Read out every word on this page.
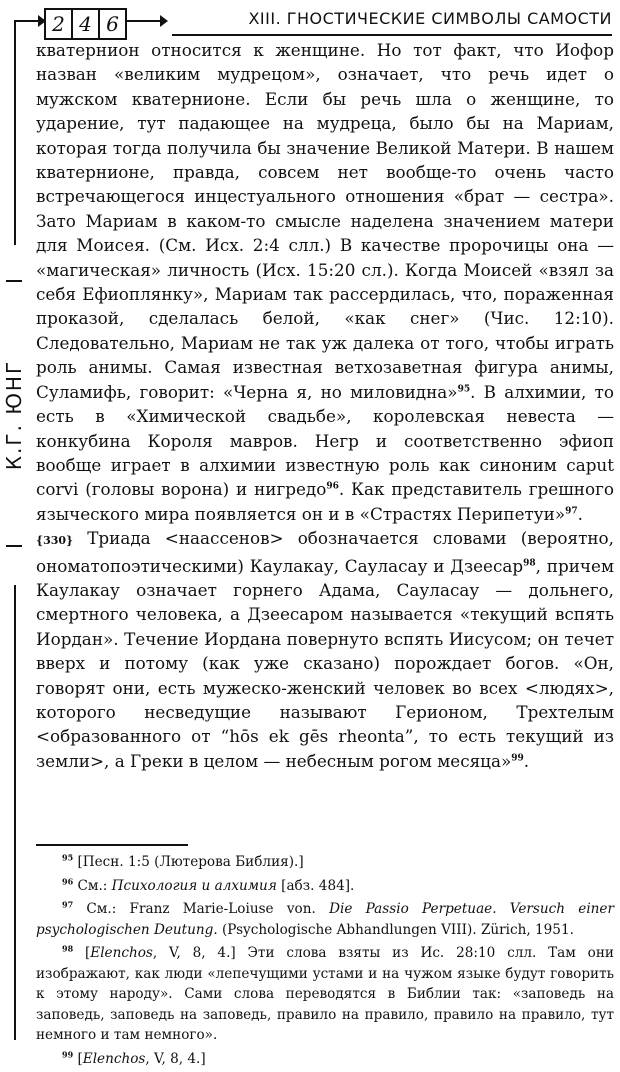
2 4 6	XIII. ГНОСТИЧЕСКИЕ СИМВОЛЫ САМОСТИ
К.Г. ЮНГ

кватернион относится к женщине. Но тот факт, что Иофор назван «великим мудрецом», означает, что речь идет о мужском кватернионе. Если бы речь шла о женщине, то ударение, тут падающее на мудреца, было бы на Мариам, которая тогда получила бы значение Великой Матери. В нашем кватернионе, правда, совсем нет вообще-то очень часто встречающегося инцестуального отношения «брат — сестра». Зато Мариам в каком-то смысле наделена значением матери для Моисея. (См. Исх. 2:4 слл.) В качестве пророчицы она — «магическая» личность (Исх. 15:20 сл.). Когда Моисей «взял за себя Ефиоплянку», Мариам так рассердилась, что, пораженная проказой, сделалась белой, «как снег» (Чис. 12:10). Следовательно, Мариам не так уж далека от того, чтобы играть роль анимы. Самая известная ветхозаветная фигура анимы, Суламифь, говорит: «Черна я, но миловидна»$^{95}$. В алхимии, то есть в «Химической свадьбе», королевская невеста — конкубина Короля мавров. Негр и соответственно эфиоп вообще играет в алхимии известную роль как синоним caput corvi (головы ворона) и нигредо$^{96}$. Как представитель грешного языческого мира появляется он и в «Страстях Перипетуи»$^{97}$.

{330} Триада <наассенов> обозначается словами (вероятно, ономатопоэтическими) Каулакау, Сауласау и Дзеесар$^{98}$, причем Каулакау означает горнего Адама, Сауласау — дольнего, смертного человека, а Дзеесаром называется «текущий вспять Иордан». Течение Иордана повернуто вспять Иисусом; он течет вверх и потому (как уже сказано) порождает богов. «Он, говорят они, есть мужеско-женский человек во всех <людях>, которого несведущие называют Герионом, Трехтелым <образованного от “hōs ek gēs rheonta”, то есть текущий из земли>, а Греки в целом — небесным рогом месяца»$^{99}$.

$^{95}$ [Песн. 1:5 (Лютерова Библия).]

$^{96}$ См.: Психология и алхимия [абз. 484].

$^{97}$ См.: Franz Marie-Loiuse von. Die Passio Perpetuae. Versuch einer psychologischen Deutung. (Psychologische Abhandlungen VIII). Zürich, 1951.

$^{98}$ [Elenchos, V, 8, 4.] Эти слова взяты из Ис. 28:10 слл. Там они изображают, как люди «лепечущими устами и на чужом языке будут говорить к этому народу». Сами слова переводятся в Библии так: «заповедь на заповедь, заповедь на заповедь, правило на правило, правило на правило, тут немного и там немного».

$^{99}$ [Elenchos, V, 8, 4.]
